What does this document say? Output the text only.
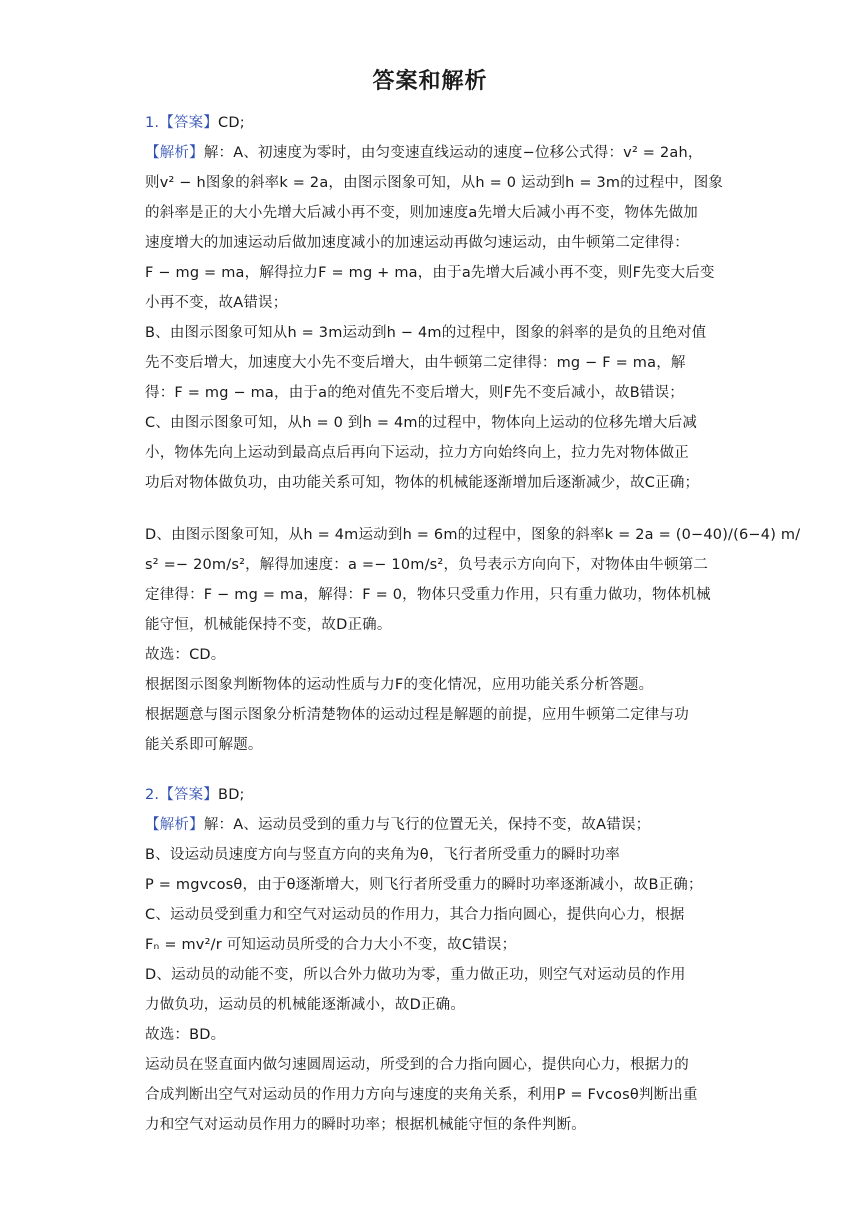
答案和解析
1.【答案】CD;
【解析】解：A、初速度为零时，由匀变速直线运动的速度−位移公式得：v² = 2ah，
则v² − h图象的斜率k = 2a，由图示图象可知，从h = 0 运动到h = 3m的过程中，图象
的斜率是正的大小先增大后减小再不变，则加速度a先增大后减小再不变，物体先做加
速度增大的加速运动后做加速度减小的加速运动再做匀速运动，由牛顿第二定律得：
F − mg = ma，解得拉力F = mg + ma，由于a先增大后减小再不变，则F先变大后变
小再不变，故A错误；
B、由图示图象可知从h = 3m运动到h − 4m的过程中，图象的斜率的是负的且绝对值
先不变后增大，加速度大小先不变后增大，由牛顿第二定律得：mg − F = ma，解
得：F = mg − ma，由于a的绝对值先不变后增大，则F先不变后减小，故B错误；
C、由图示图象可知，从h = 0 到h = 4m的过程中，物体向上运动的位移先增大后减
小，物体先向上运动到最高点后再向下运动，拉力方向始终向上，拉力先对物体做正
功后对物体做负功，由功能关系可知，物体的机械能逐渐增加后逐渐减少，故C正确；
D、由图示图象可知，从h = 4m运动到h = 6m的过程中，图象的斜率k = 2a = (0−40)/(6−4) m/
s² =− 20m/s²，解得加速度：a =− 10m/s²，负号表示方向向下，对物体由牛顿第二
定律得：F − mg = ma，解得：F = 0，物体只受重力作用，只有重力做功，物体机械
能守恒，机械能保持不变，故D正确。
故选：CD。
根据图示图象判断物体的运动性质与力F的变化情况，应用功能关系分析答题。
根据题意与图示图象分析清楚物体的运动过程是解题的前提，应用牛顿第二定律与功
能关系即可解题。
2.【答案】BD;
【解析】解：A、运动员受到的重力与飞行的位置无关，保持不变，故A错误；
B、设运动员速度方向与竖直方向的夹角为θ，飞行者所受重力的瞬时功率
P = mgvcosθ，由于θ逐渐增大，则飞行者所受重力的瞬时功率逐渐减小，故B正确；
C、运动员受到重力和空气对运动员的作用力，其合力指向圆心，提供向心力，根据
Fₙ = mv²/r 可知运动员所受的合力大小不变，故C错误；
D、运动员的动能不变，所以合外力做功为零，重力做正功，则空气对运动员的作用
力做负功，运动员的机械能逐渐减小，故D正确。
故选：BD。
运动员在竖直面内做匀速圆周运动，所受到的合力指向圆心，提供向心力，根据力的
合成判断出空气对运动员的作用力方向与速度的夹角关系，利用P = Fvcosθ判断出重
力和空气对运动员作用力的瞬时功率；根据机械能守恒的条件判断。
